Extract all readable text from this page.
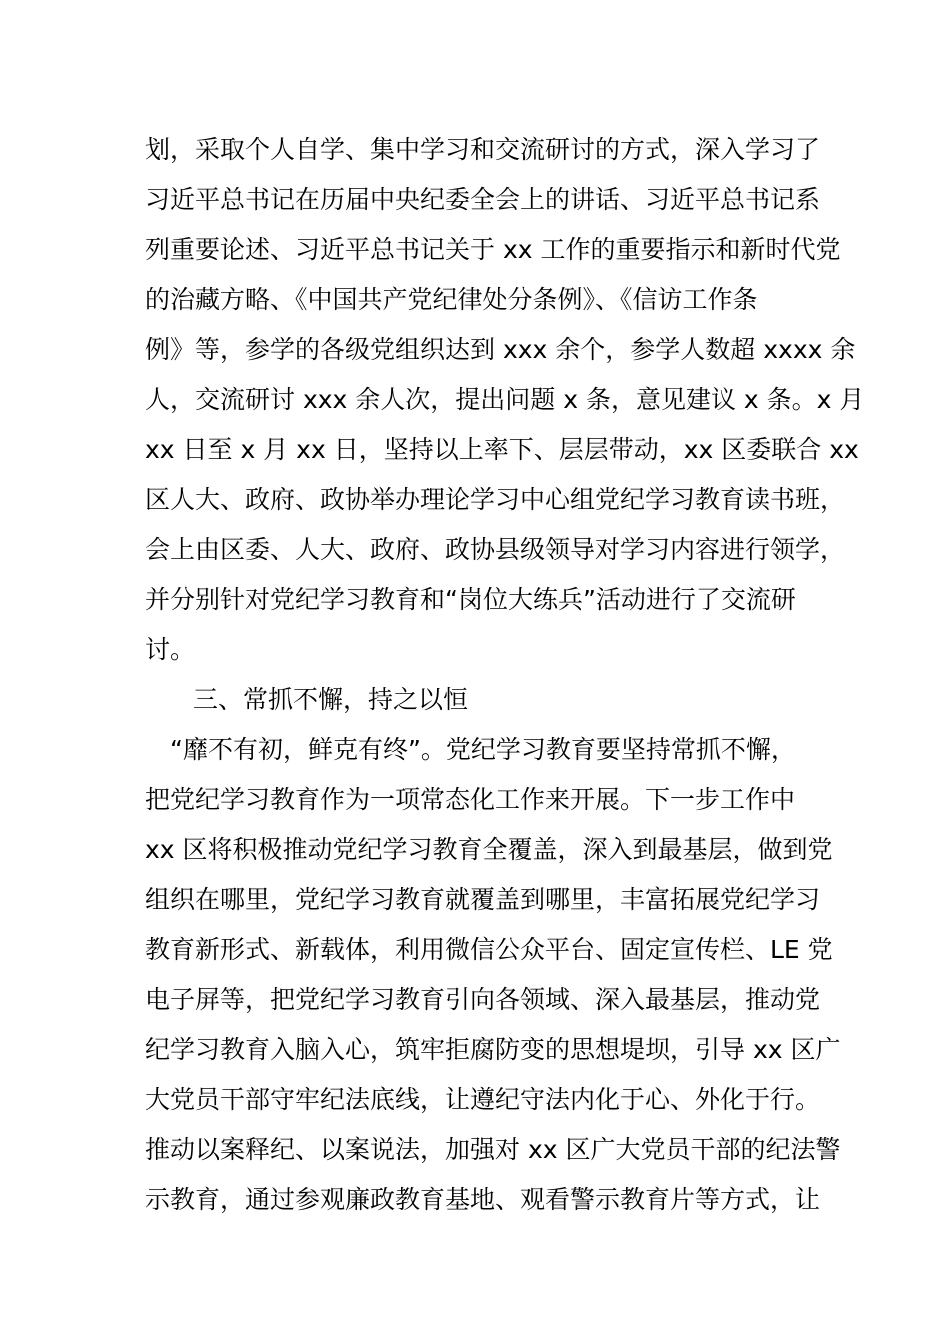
划，采取个人自学、集中学习和交流研讨的方式，深入学习了
习近平总书记在历届中央纪委全会上的讲话、习近平总书记系
列重要论述、习近平总书记关于 xx 工作的重要指示和新时代党
的治藏方略、《中国共产党纪律处分条例》、《信访工作条
例》等，参学的各级党组织达到 xxx 余个，参学人数超 xxxx 余
人，交流研讨 xxx 余人次，提出问题 x 条，意见建议 x 条。x 月
xx 日至 x 月 xx 日，坚持以上率下、层层带动，xx 区委联合 xx
区人大、政府、政协举办理论学习中心组党纪学习教育读书班，
会上由区委、人大、政府、政协县级领导对学习内容进行领学，
并分别针对党纪学习教育和“岗位大练兵”活动进行了交流研
讨。
三、常抓不懈，持之以恒
“靡不有初，鲜克有终”。党纪学习教育要坚持常抓不懈，
把党纪学习教育作为一项常态化工作来开展。下一步工作中
xx 区将积极推动党纪学习教育全覆盖，深入到最基层，做到党
组织在哪里，党纪学习教育就覆盖到哪里，丰富拓展党纪学习
教育新形式、新载体，利用微信公众平台、固定宣传栏、LE 党
电子屏等，把党纪学习教育引向各领域、深入最基层，推动党
纪学习教育入脑入心，筑牢拒腐防变的思想堤坝，引导 xx 区广
大党员干部守牢纪法底线，让遵纪守法内化于心、外化于行。
推动以案释纪、以案说法，加强对 xx 区广大党员干部的纪法警
示教育，通过参观廉政教育基地、观看警示教育片等方式，让
